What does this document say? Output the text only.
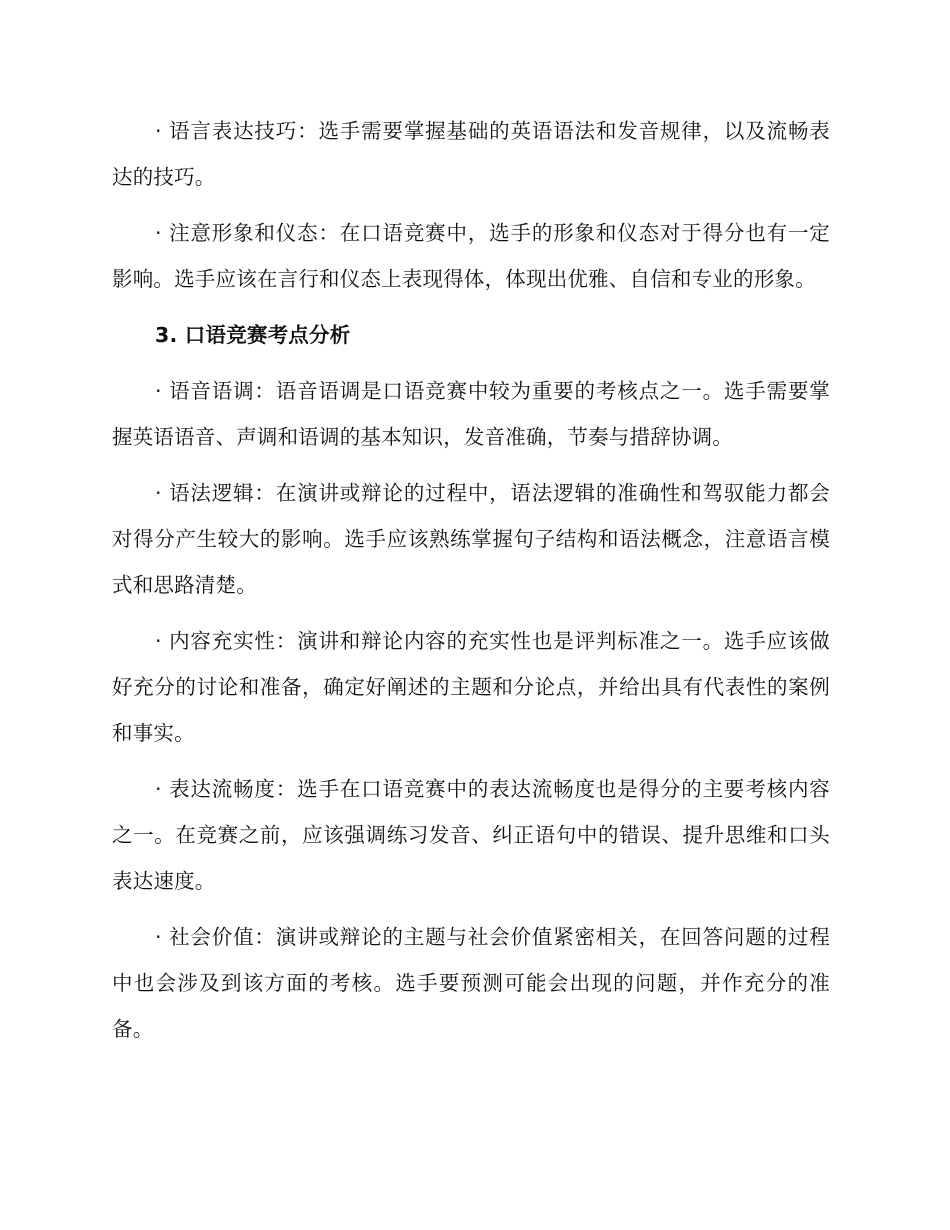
· 语言表达技巧：选手需要掌握基础的英语语法和发音规律，以及流畅表达的技巧。

· 注意形象和仪态：在口语竞赛中，选手的形象和仪态对于得分也有一定影响。选手应该在言行和仪态上表现得体，体现出优雅、自信和专业的形象。

3. 口语竞赛考点分析

· 语音语调：语音语调是口语竞赛中较为重要的考核点之一。选手需要掌握英语语音、声调和语调的基本知识，发音准确，节奏与措辞协调。

· 语法逻辑：在演讲或辩论的过程中，语法逻辑的准确性和驾驭能力都会对得分产生较大的影响。选手应该熟练掌握句子结构和语法概念，注意语言模式和思路清楚。

· 内容充实性：演讲和辩论内容的充实性也是评判标准之一。选手应该做好充分的讨论和准备，确定好阐述的主题和分论点，并给出具有代表性的案例和事实。

· 表达流畅度：选手在口语竞赛中的表达流畅度也是得分的主要考核内容之一。在竞赛之前，应该强调练习发音、纠正语句中的错误、提升思维和口头表达速度。

· 社会价值：演讲或辩论的主题与社会价值紧密相关，在回答问题的过程中也会涉及到该方面的考核。选手要预测可能会出现的问题，并作充分的准备。
